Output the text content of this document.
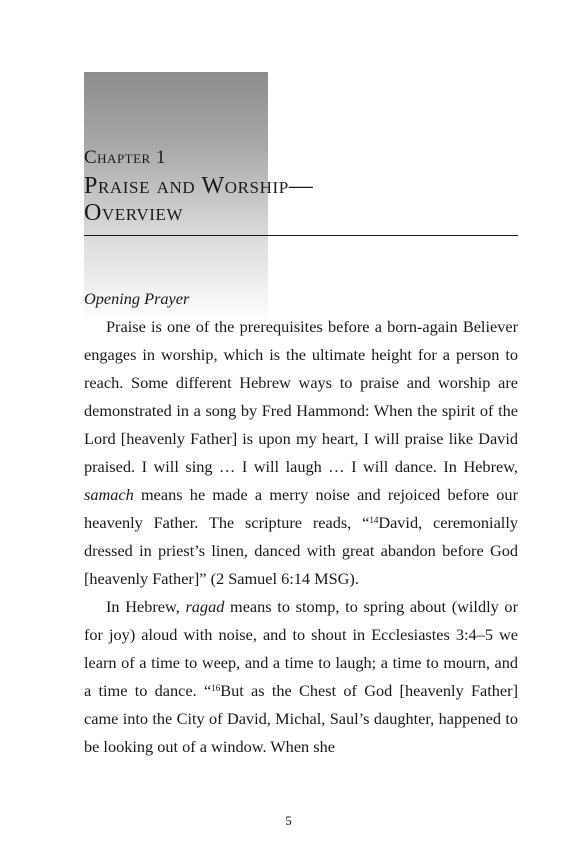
Chapter 1
Praise and Worship—
Overview
Opening Prayer

Praise is one of the prerequisites before a born-again Believer engages in worship, which is the ultimate height for a person to reach. Some different Hebrew ways to praise and worship are demonstrated in a song by Fred Hammond: When the spirit of the Lord [heavenly Father] is upon my heart, I will praise like David praised. I will sing … I will laugh … I will dance. In Hebrew, samach means he made a merry noise and rejoiced before our heavenly Father. The scripture reads, “$^{14}$David, ceremonially dressed in priest’s linen, danced with great abandon before God [heavenly Father]” (2 Samuel 6:14 MSG).

In Hebrew, ragad means to stomp, to spring about (wildly or for joy) aloud with noise, and to shout in Ecclesiastes 3:4–5 we learn of a time to weep, and a time to laugh; a time to mourn, and a time to dance. “$^{16}$But as the Chest of God [heavenly Father] came into the City of David, Michal, Saul’s daughter, happened to be looking out of a window. When she

5
